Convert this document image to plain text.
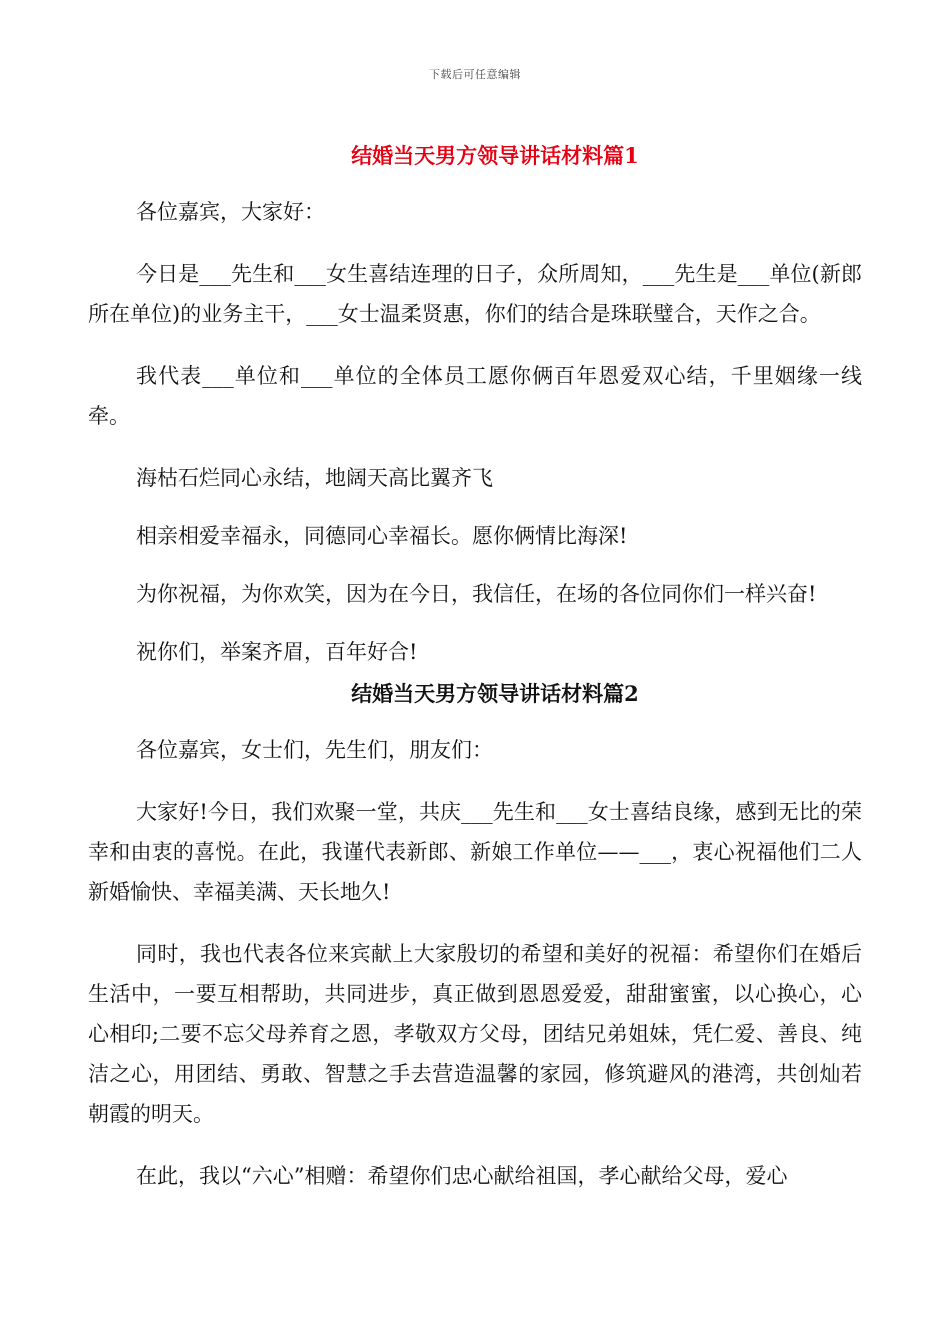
下载后可任意编辑
结婚当天男方领导讲话材料篇1

各位嘉宾，大家好：

今日是___先生和___女生喜结连理的日子，众所周知，___先生是___单位(新郎所在单位)的业务主干，___女士温柔贤惠，你们的结合是珠联璧合，天作之合。

我代表___单位和___单位的全体员工愿你俩百年恩爱双心结，千里姻缘一线牵。

海枯石烂同心永结，地阔天高比翼齐飞

相亲相爱幸福永，同德同心幸福长。愿你俩情比海深!

为你祝福，为你欢笑，因为在今日，我信任，在场的各位同你们一样兴奋!

祝你们，举案齐眉，百年好合!

结婚当天男方领导讲话材料篇2

各位嘉宾，女士们，先生们，朋友们：

大家好!今日，我们欢聚一堂，共庆___先生和___女士喜结良缘，感到无比的荣幸和由衷的喜悦。在此，我谨代表新郎、新娘工作单位——___，衷心祝福他们二人新婚愉快、幸福美满、天长地久!

同时，我也代表各位来宾献上大家殷切的希望和美好的祝福：希望你们在婚后生活中，一要互相帮助，共同进步，真正做到恩恩爱爱，甜甜蜜蜜，以心换心，心心相印;二要不忘父母养育之恩，孝敬双方父母，团结兄弟姐妹，凭仁爱、善良、纯洁之心，用团结、勇敢、智慧之手去营造温馨的家园，修筑避风的港湾，共创灿若朝霞的明天。

在此，我以“六心”相赠：希望你们忠心献给祖国，孝心献给父母，爱心
